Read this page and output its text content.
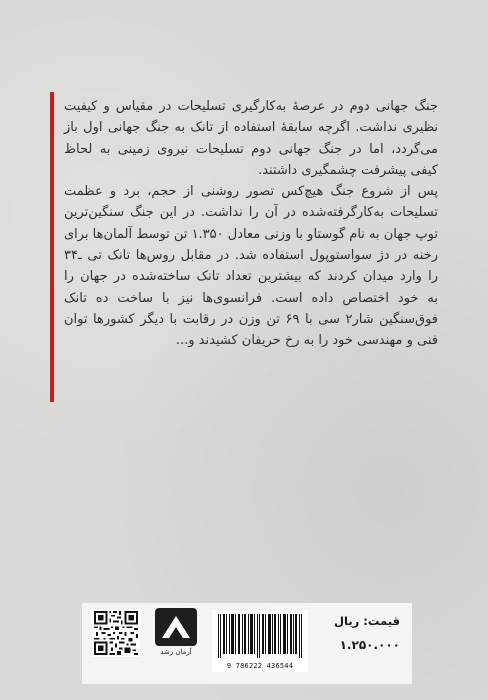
جنگ جهانی دوم در عرصهٔ به‌کارگیری تسلیحات در مقیاس و کیفیت
نظیری نداشت. اگرچه سابقهٔ استفاده از تانک به جنگ جهانی اول باز
می‌گردد، اما در جنگ جهانی دوم تسلیحات نیروی زمینی به لحاظ
کیفی پیشرفت چشمگیری داشتند.
پس از شروع جنگ هیچ‌کس تصور روشنی از حجم، برد و عظمت
تسلیحات به‌کارگرفته‌شده در آن را نداشت. در این جنگ سنگین‌ترین
توپ جهان به نام گوستاو با وزنی معادل ۱.۳۵۰ تن توسط آلمان‌ها برای
رخنه در دژ سواستوپول استفاده شد. در مقابل روس‌ها تانک تی ـ۳۴
را وارد میدان کردند که بیشترین تعداد تانک ساخته‌شده در جهان را
به خود اختصاص داده است. فرانسوی‌ها نیز با ساخت ده تانک
فوق‌سنگین شار۲ سی با ۶۹ تن وزن در رقابت با دیگر کشورها توان
فنی و مهندسی خود را به رخ حریفان کشیدند و...
آرمان رشد
9 786222 436544
قیمت: ریال
۱.۲۵۰.۰۰۰
